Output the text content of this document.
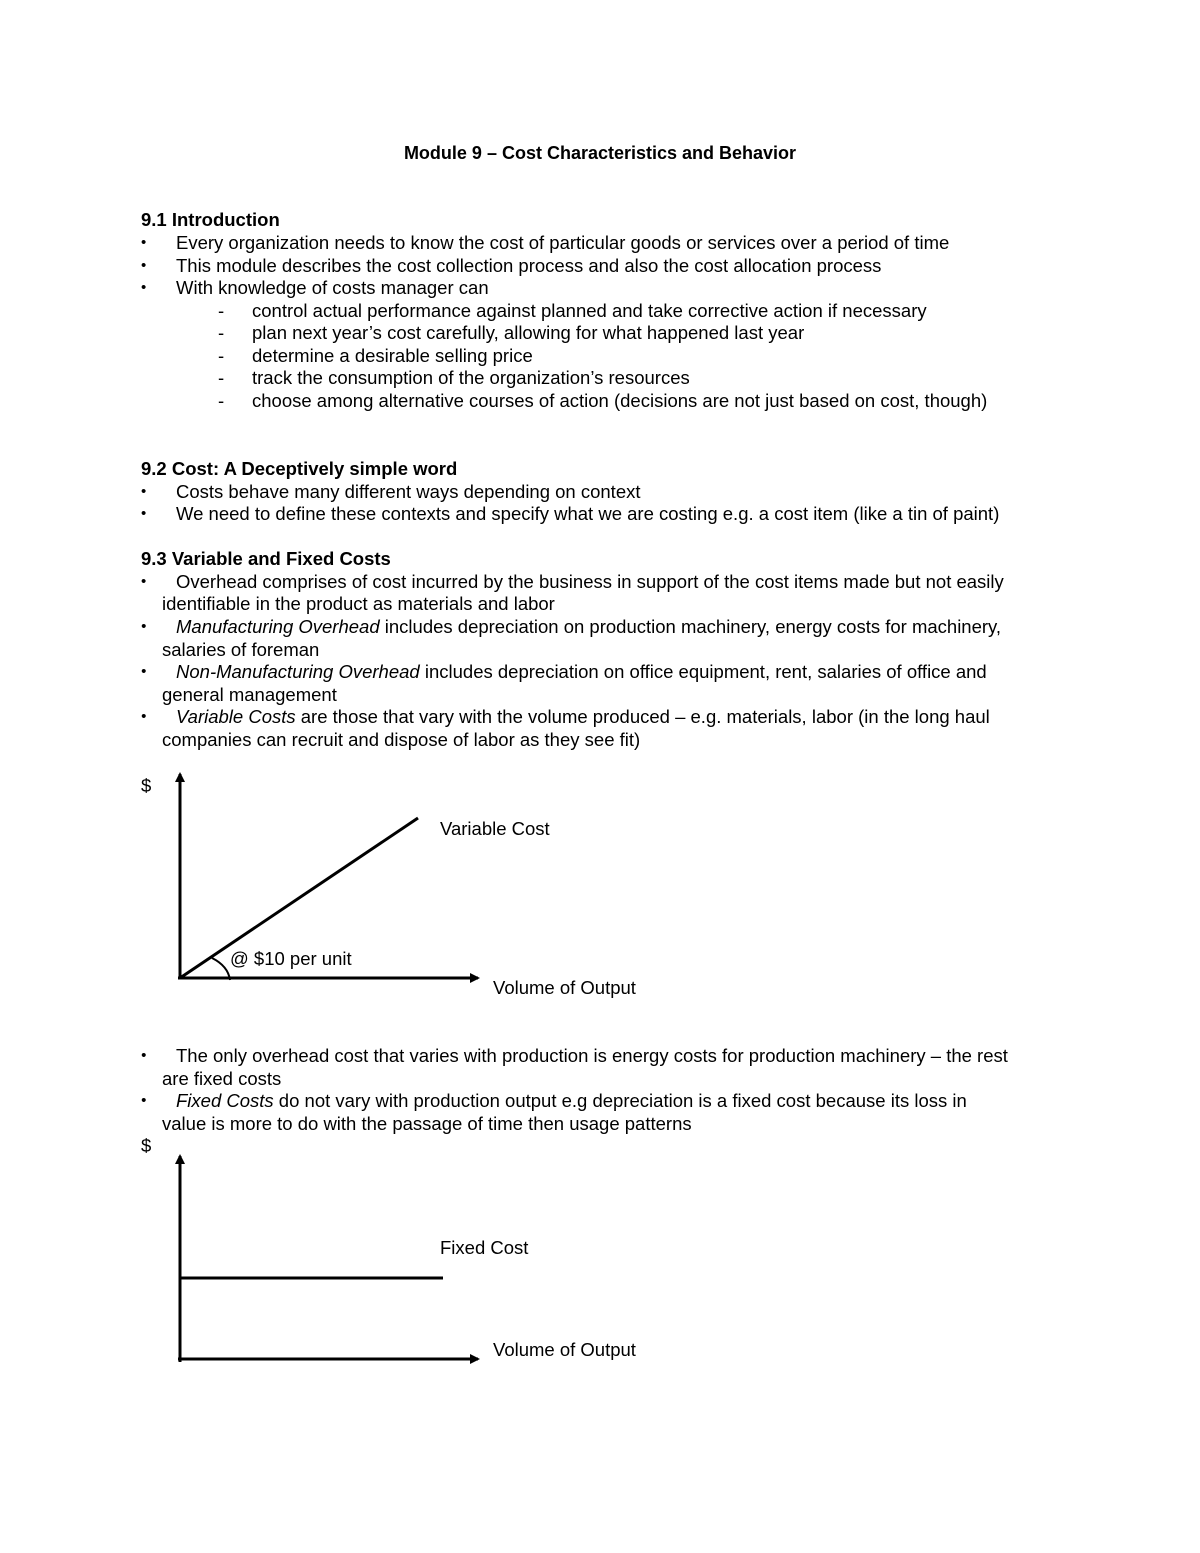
Module 9 – Cost Characteristics and Behavior
9.1 Introduction
• Every organization needs to know the cost of particular goods or services over a period of time
• This module describes the cost collection process and also the cost allocation process
• With knowledge of costs manager can
- control actual performance against planned and take corrective action if necessary
- plan next year’s cost carefully, allowing for what happened last year
- determine a desirable selling price
- track the consumption of the organization’s resources
- choose among alternative courses of action (decisions are not just based on cost, though)
9.2 Cost: A Deceptively simple word
• Costs behave many different ways depending on context
• We need to define these contexts and specify what we are costing e.g. a cost item (like a tin of paint)
9.3 Variable and Fixed Costs
• Overhead comprises of cost incurred by the business in support of the cost items made but not easily
identifiable in the product as materials and labor
• Manufacturing Overhead includes depreciation on production machinery, energy costs for machinery,
salaries of foreman
• Non-Manufacturing Overhead includes depreciation on office equipment, rent, salaries of office and
general management
• Variable Costs are those that vary with the volume produced – e.g. materials, labor (in the long haul
companies can recruit and dispose of labor as they see fit)
$
Variable Cost
@ $10 per unit
Volume of Output
• The only overhead cost that varies with production is energy costs for production machinery – the rest
are fixed costs
• Fixed Costs do not vary with production output e.g depreciation is a fixed cost because its loss in
value is more to do with the passage of time then usage patterns
$
Fixed Cost
Volume of Output
